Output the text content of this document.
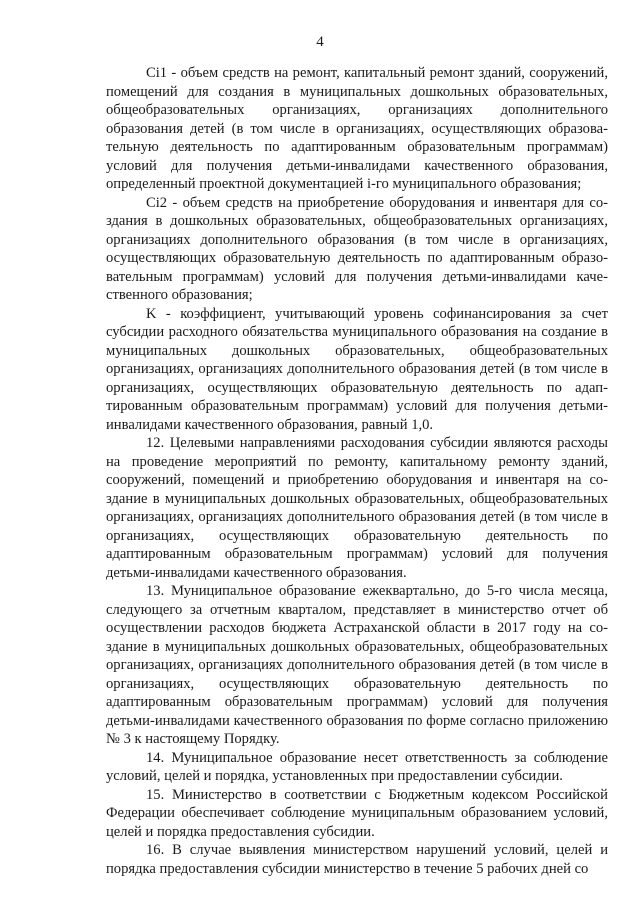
4

Ci1 - объем средств на ремонт, капитальный ремонт зданий, сооружений, помещений для создания в муниципальных дошкольных образовательных, общеобразовательных организациях, организациях дополнительного образования детей (в том числе в организациях, осуществляющих образовательную деятельность по адаптированным образовательным программам) условий для получения детьми-инвалидами качественного образования, определенный проектной документацией i-го муниципального образования;

Ci2 - объем средств на приобретение оборудования и инвентаря для создания в дошкольных образовательных, общеобразовательных организациях, организациях дополнительного образования (в том числе в организациях, осуществляющих образовательную деятельность по адаптированным образовательным программам) условий для получения детьми-инвалидами качественного образования;

K - коэффициент, учитывающий уровень софинансирования за счет субсидии расходного обязательства муниципального образования на создание в муниципальных дошкольных образовательных, общеобразовательных организациях, организациях дополнительного образования детей (в том числе в организациях, осуществляющих образовательную деятельность по адаптированным образовательным программам) условий для получения детьми-инвалидами качественного образования, равный 1,0.

12. Целевыми направлениями расходования субсидии являются расходы на проведение мероприятий по ремонту, капитальному ремонту зданий, сооружений, помещений и приобретению оборудования и инвентаря на создание в муниципальных дошкольных образовательных, общеобразовательных организациях, организациях дополнительного образования детей (в том числе в организациях, осуществляющих образовательную деятельность по адаптированным образовательным программам) условий для получения детьми-инвалидами качественного образования.

13. Муниципальное образование ежеквартально, до 5-го числа месяца, следующего за отчетным кварталом, представляет в министерство отчет об осуществлении расходов бюджета Астраханской области в 2017 году на создание в муниципальных дошкольных образовательных, общеобразовательных организациях, организациях дополнительного образования детей (в том числе в организациях, осуществляющих образовательную деятельность по адаптированным образовательным программам) условий для получения детьми-инвалидами качественного образования по форме согласно приложению № 3 к настоящему Порядку.

14. Муниципальное образование несет ответственность за соблюдение условий, целей и порядка, установленных при предоставлении субсидии.

15. Министерство в соответствии с Бюджетным кодексом Российской Федерации обеспечивает соблюдение муниципальным образованием условий, целей и порядка предоставления субсидии.

16. В случае выявления министерством нарушений условий, целей и порядка предоставления субсидии министерство в течение 5 рабочих дней со
